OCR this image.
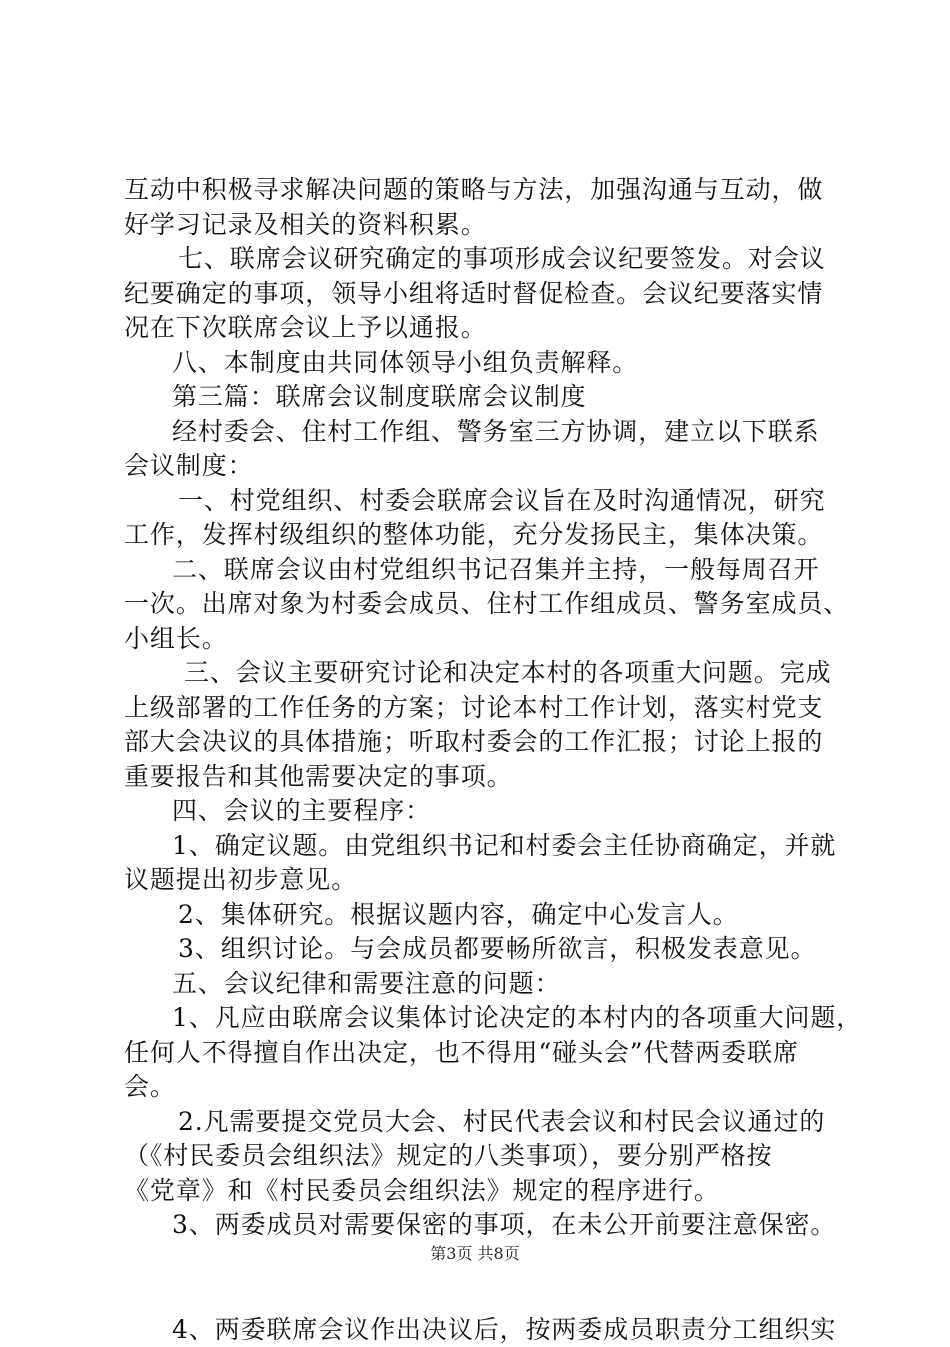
互动中积极寻求解决问题的策略与方法，加强沟通与互动，做
好学习记录及相关的资料积累。
七、联席会议研究确定的事项形成会议纪要签发。对会议
纪要确定的事项，领导小组将适时督促检查。会议纪要落实情
况在下次联席会议上予以通报。
八、本制度由共同体领导小组负责解释。
第三篇：联席会议制度联席会议制度
经村委会、住村工作组、警务室三方协调，建立以下联系
会议制度：
一、村党组织、村委会联席会议旨在及时沟通情况，研究
工作，发挥村级组织的整体功能，充分发扬民主，集体决策。
二、联席会议由村党组织书记召集并主持，一般每周召开
一次。出席对象为村委会成员、住村工作组成员、警务室成员、
小组长。
三、会议主要研究讨论和决定本村的各项重大问题。完成
上级部署的工作任务的方案；讨论本村工作计划，落实村党支
部大会决议的具体措施；听取村委会的工作汇报；讨论上报的
重要报告和其他需要决定的事项。
四、会议的主要程序：
1、确定议题。由党组织书记和村委会主任协商确定，并就
议题提出初步意见。
2、集体研究。根据议题内容，确定中心发言人。
3、组织讨论。与会成员都要畅所欲言，积极发表意见。
五、会议纪律和需要注意的问题：
1、凡应由联席会议集体讨论决定的本村内的各项重大问题，
任何人不得擅自作出决定，也不得用“碰头会”代替两委联席
会。
2.凡需要提交党员大会、村民代表会议和村民会议通过的
（《村民委员会组织法》规定的八类事项），要分别严格按
《党章》和《村民委员会组织法》规定的程序进行。
3、两委成员对需要保密的事项，在未公开前要注意保密。
4、两委联席会议作出决议后，按两委成员职责分工组织实
第3页 共8页
